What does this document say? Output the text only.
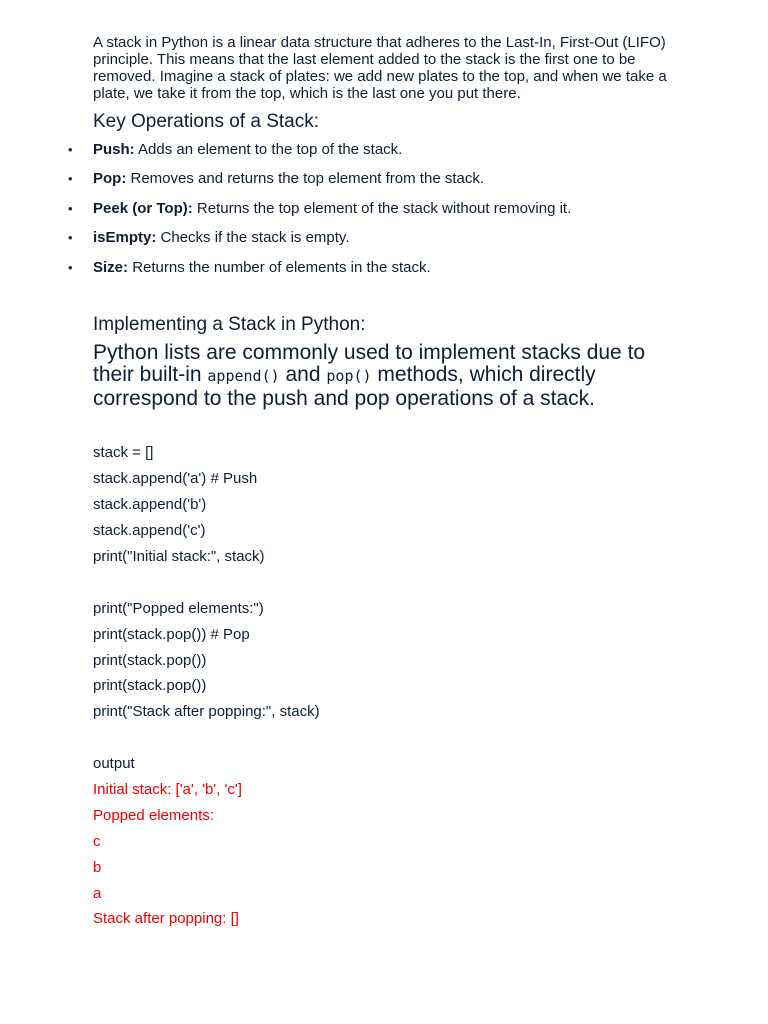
A stack in Python is a linear data structure that adheres to the Last-In, First-Out (LIFO) principle. This means that the last element added to the stack is the first one to be removed. Imagine a stack of plates: we add new plates to the top, and when we take a plate, we take it from the top, which is the last one you put there.

Key Operations of a Stack:
• Push: Adds an element to the top of the stack.
• Pop: Removes and returns the top element from the stack.
• Peek (or Top): Returns the top element of the stack without removing it.
• isEmpty: Checks if the stack is empty.
• Size: Returns the number of elements in the stack.
Implementing a Stack in Python:

Python lists are commonly used to implement stacks due to their built-in append() and pop() methods, which directly correspond to the push and pop operations of a stack.

stack = []
stack.append('a') # Push
stack.append('b')
stack.append('c')
print("Initial stack:", stack)
print("Popped elements:")
print(stack.pop()) # Pop
print(stack.pop())
print(stack.pop())
print("Stack after popping:", stack)
output
Initial stack: ['a', 'b', 'c']
Popped elements:
c
b
a
Stack after popping: []
